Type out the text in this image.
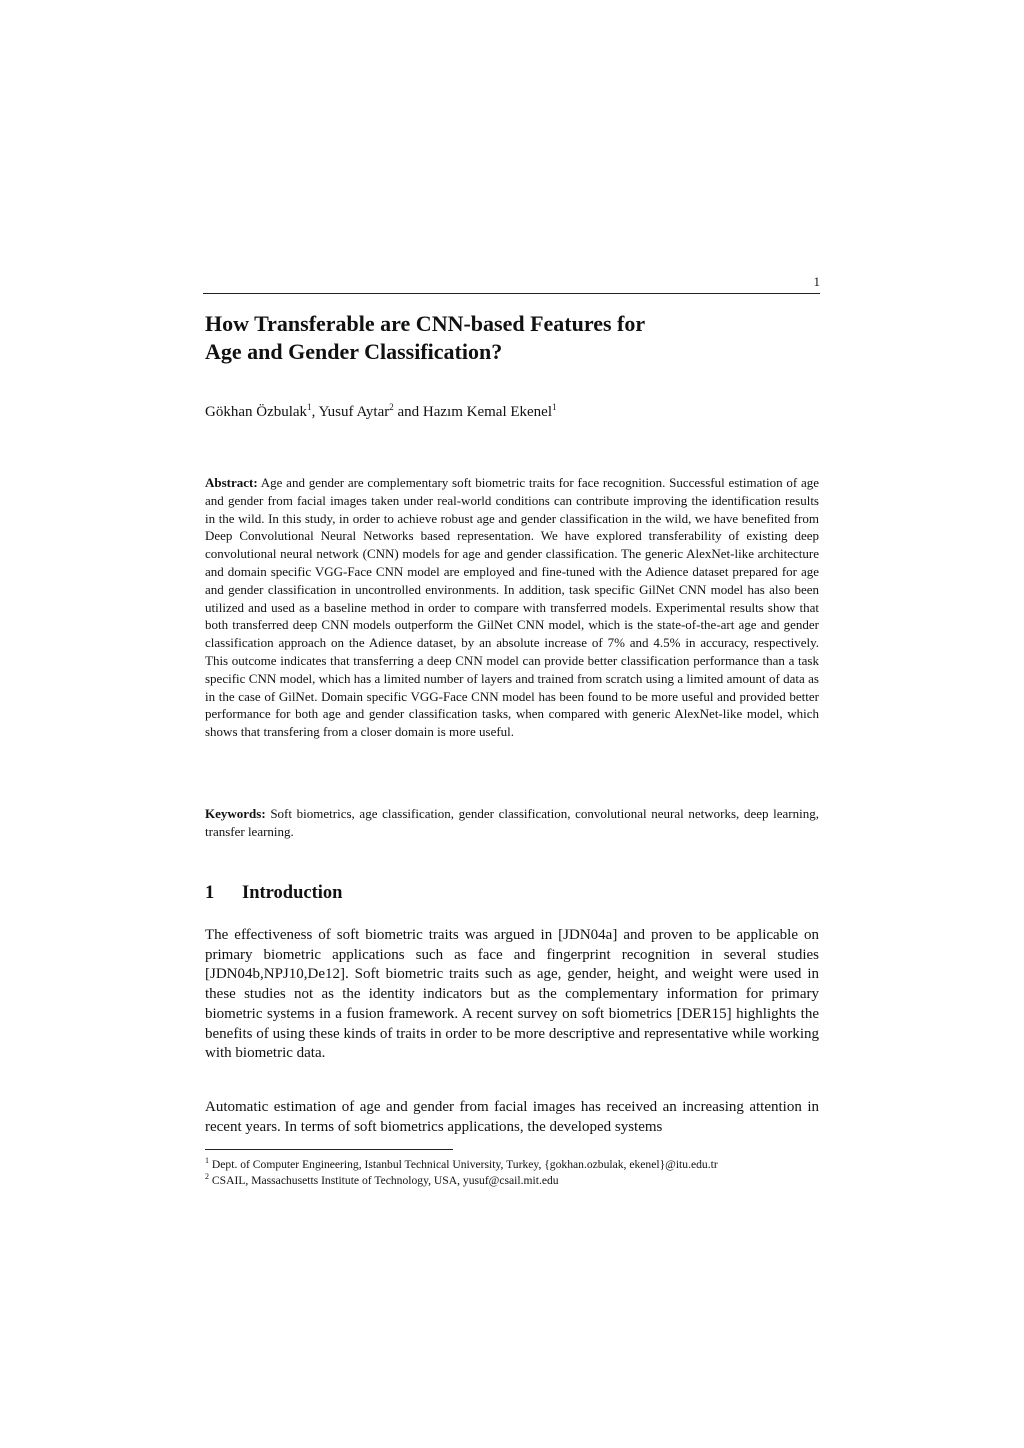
1
How Transferable are CNN-based Features for
Age and Gender Classification?
Gökhan Özbulak$^1$, Yusuf Aytar$^2$ and Hazım Kemal Ekenel$^1$

Abstract: Age and gender are complementary soft biometric traits for face recognition. Successful estimation of age and gender from facial images taken under real-world conditions can contribute improving the identification results in the wild. In this study, in order to achieve robust age and gender classification in the wild, we have benefited from Deep Convolutional Neural Networks based representation. We have explored transferability of existing deep convolutional neural network (CNN) models for age and gender classification. The generic AlexNet-like architecture and domain specific VGG-Face CNN model are employed and fine-tuned with the Adience dataset prepared for age and gender classification in uncontrolled environments. In addition, task specific GilNet CNN model has also been utilized and used as a baseline method in order to compare with transferred models. Experimental results show that both transferred deep CNN models outperform the GilNet CNN model, which is the state-of-the-art age and gender classification approach on the Adience dataset, by an absolute increase of 7% and 4.5% in accuracy, respectively. This outcome indicates that transferring a deep CNN model can provide better classification performance than a task specific CNN model, which has a limited number of layers and trained from scratch using a limited amount of data as in the case of GilNet. Domain specific VGG-Face CNN model has been found to be more useful and provided better performance for both age and gender classification tasks, when compared with generic AlexNet-like model, which shows that transfering from a closer domain is more useful.

Keywords: Soft biometrics, age classification, gender classification, convolutional neural networks, deep learning, transfer learning.

1 Introduction

The effectiveness of soft biometric traits was argued in [JDN04a] and proven to be applicable on primary biometric applications such as face and fingerprint recognition in several studies [JDN04b,NPJ10,De12]. Soft biometric traits such as age, gender, height, and weight were used in these studies not as the identity indicators but as the complementary information for primary biometric systems in a fusion framework. A recent survey on soft biometrics [DER15] highlights the benefits of using these kinds of traits in order to be more descriptive and representative while working with biometric data.

Automatic estimation of age and gender from facial images has received an increasing attention in recent years. In terms of soft biometrics applications, the developed systems

$^1$ Dept. of Computer Engineering, Istanbul Technical University, Turkey, {gokhan.ozbulak, ekenel}@itu.edu.tr
$^2$ CSAIL, Massachusetts Institute of Technology, USA, yusuf@csail.mit.edu
